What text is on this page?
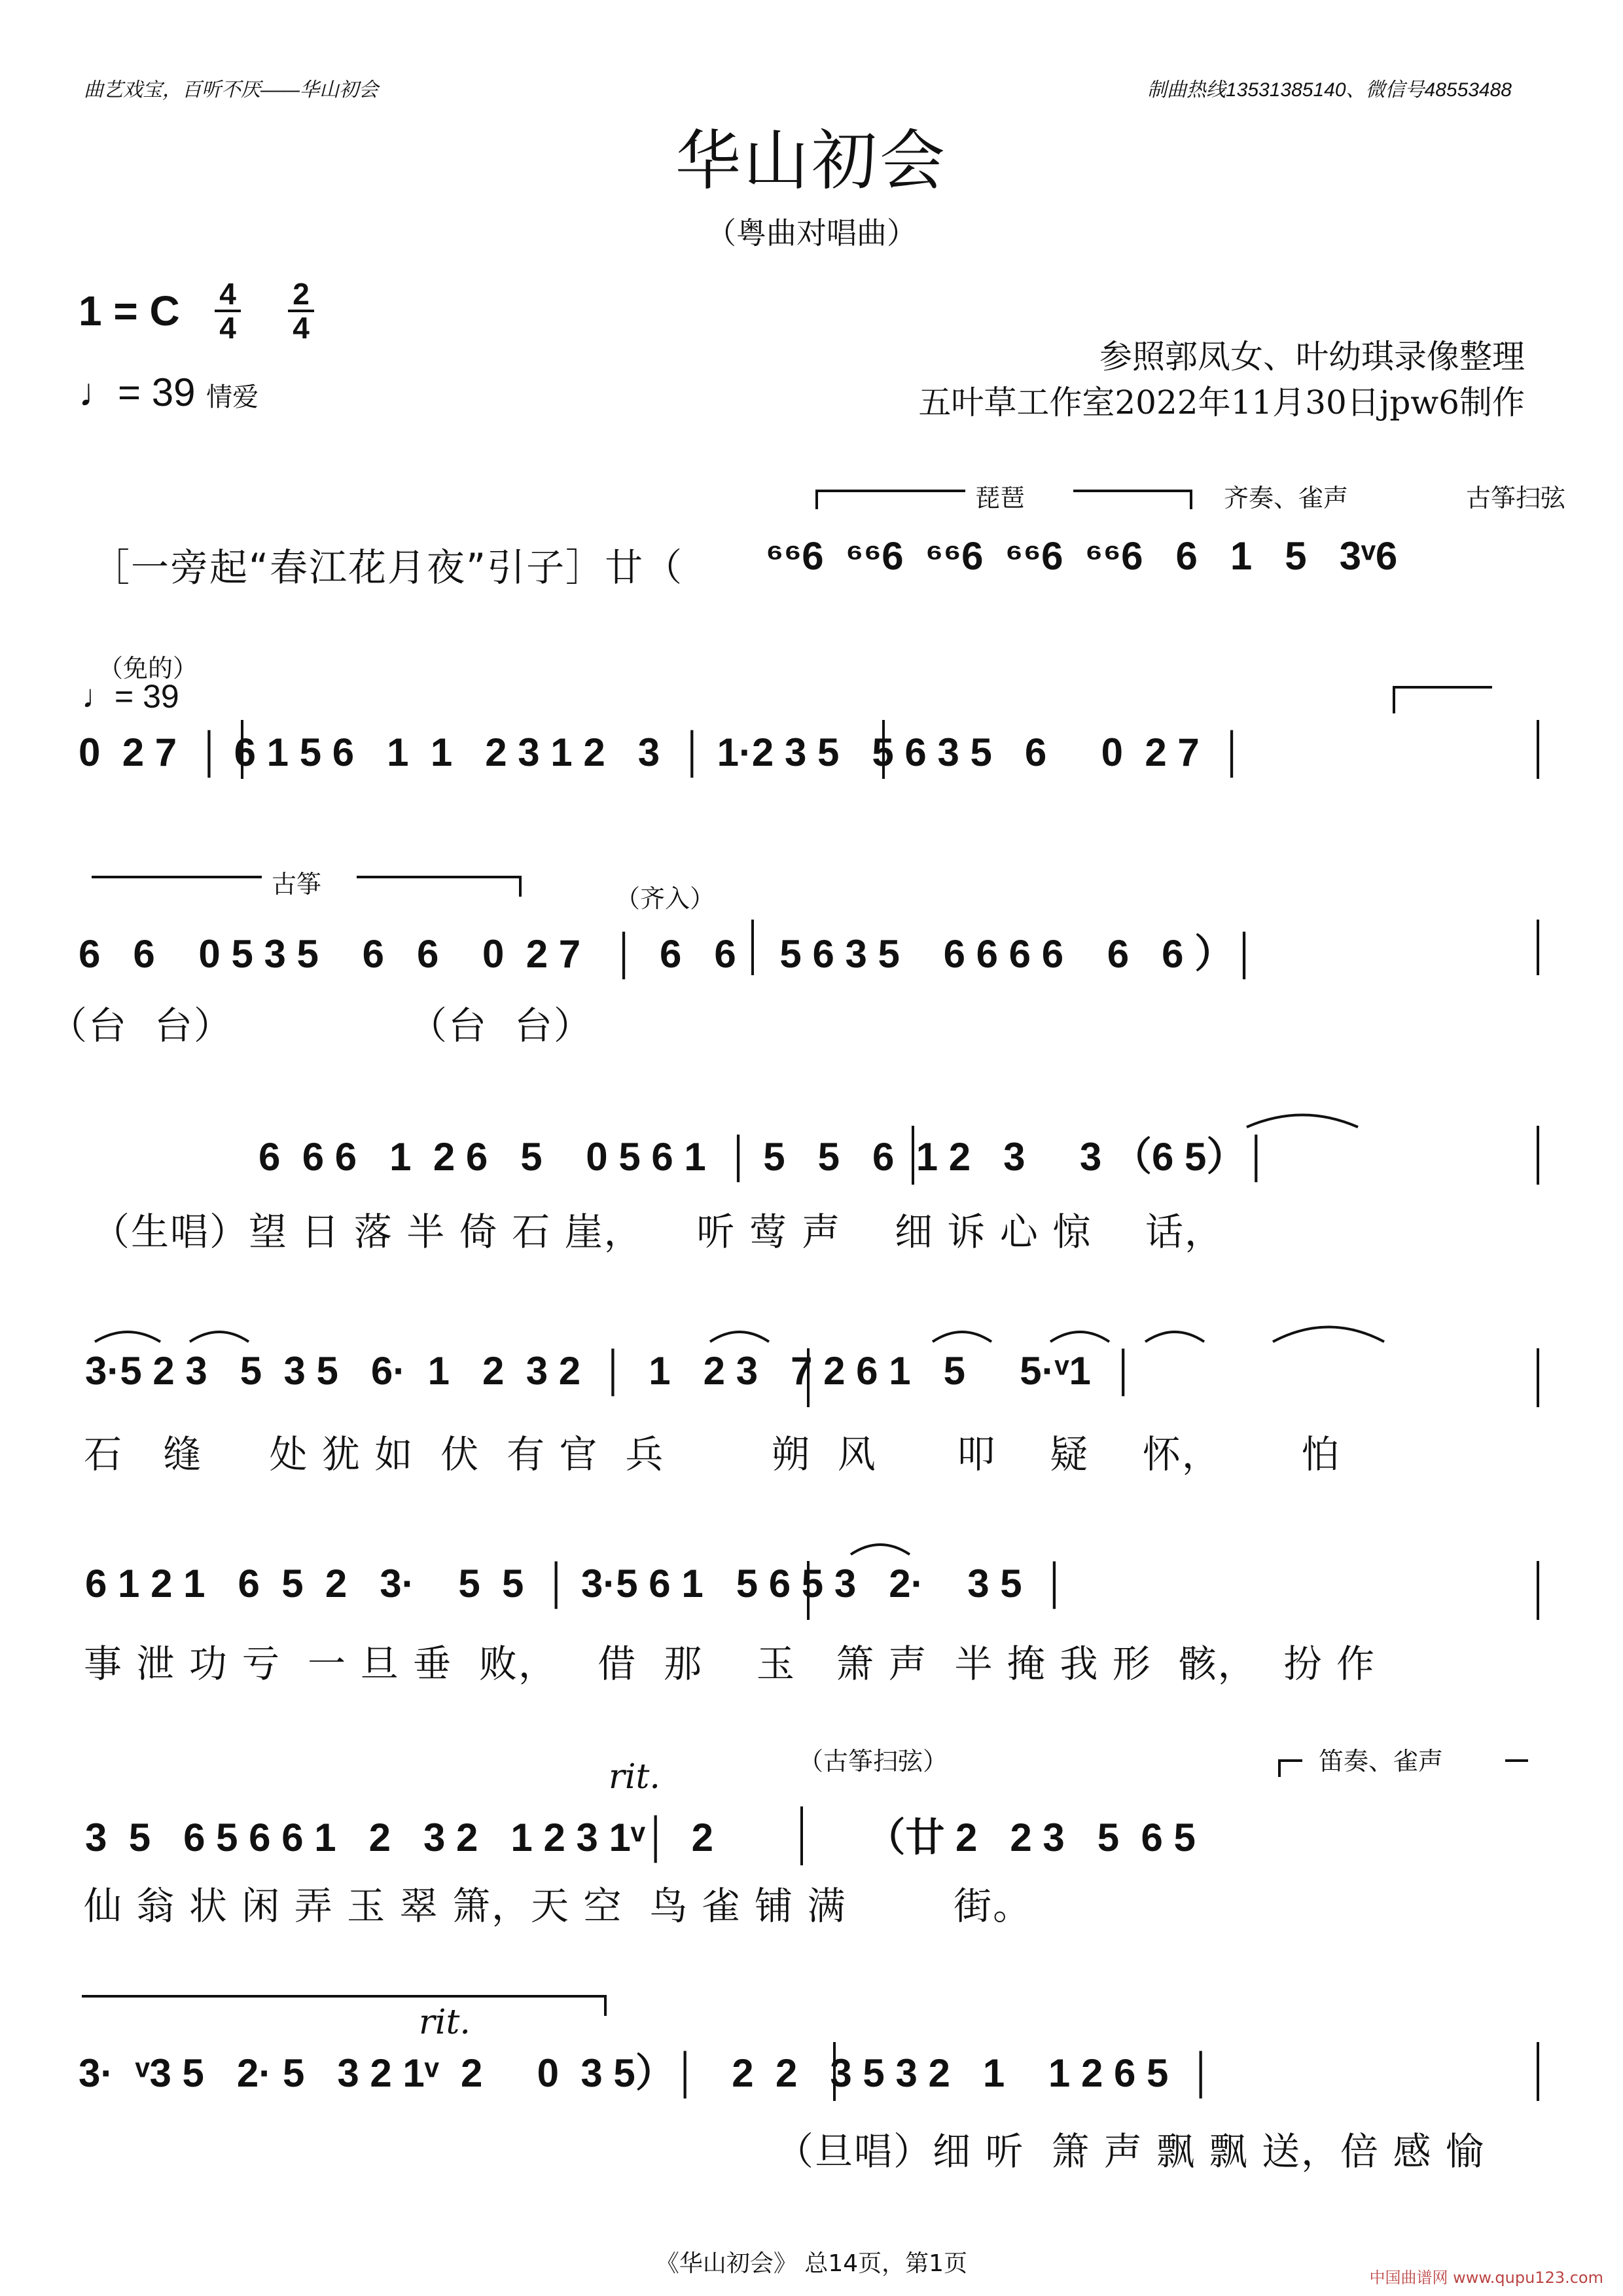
曲艺戏宝，百听不厌——华山初会	制曲热线13531385140、微信号48553488
华山初会
（粤曲对唱曲）
1 = C 4
4
2
4
♩= 39 情爱
参照郭凤女、叶幼琪录像整理
五叶草工作室2022年11月30日jpw6制作
琵琶	齐奏、雀声	古筝扫弦
［一旁起“春江花月夜”引子］廿（	⁶⁶6  ⁶⁶6  ⁶⁶6  ⁶⁶6  ⁶⁶6   6   1   5   3ᵛ6
（免的）
♩= 39
0  2 7  │ 6 1 5 6   1  1   2 3 1 2   3  │ 1·2 3 5   5 6 3 5   6     0  2 7  │
古筝	（齐入）
6   6    0 5 3 5    6   6    0  2 7   │  6   6    5 6 3 5    6 6 6 6    6   6 ）│
（台  台）	（台  台）
6  6 6   1  2 6   5    0 5 6 1  │ 5   5   6  1 2   3     3 （6 5）│
（生唱）望 日 落 半 倚 石 崖，    听 莺 声    细 诉 心 惊    话，
3·5 2 3   5  3 5   6·  1   2  3 2  │  1   2 3   7 2 6 1   5     5·ᵛ1  │
石   缝     处 犹 如  伏  有 官  兵        朔  风      叩    疑    怀，      怕
6 1 2 1   6  5  2   3·    5  5  │ 3·5 6 1   5 6 5 3   2·    3 5  │
事 泄 功 亏  一 旦 垂  败，   借  那    玉   箫 声  半 掩 我 形  骸，  扮 作
（古筝扫弦）	笛奏、雀声
rit.
3  5   6 5 6 6 1   2   3 2   1 2 3 1ᵛ│  2              （廿 2   2 3   5  6 5
仙 翁 状 闲 弄 玉 翠 箫，天 空  鸟 雀 铺 满        街。
rit.
3·  ᵛ3 5   2· 5   3 2 1ᵛ  2     0  3 5）│   2  2   3 5 3 2   1    1 2 6 5  │
（旦唱）细 听  箫 声 飘 飘 送，倍 感 愉
《华山初会》 总14页，第1页
中国曲谱网 www.qupu123.com
